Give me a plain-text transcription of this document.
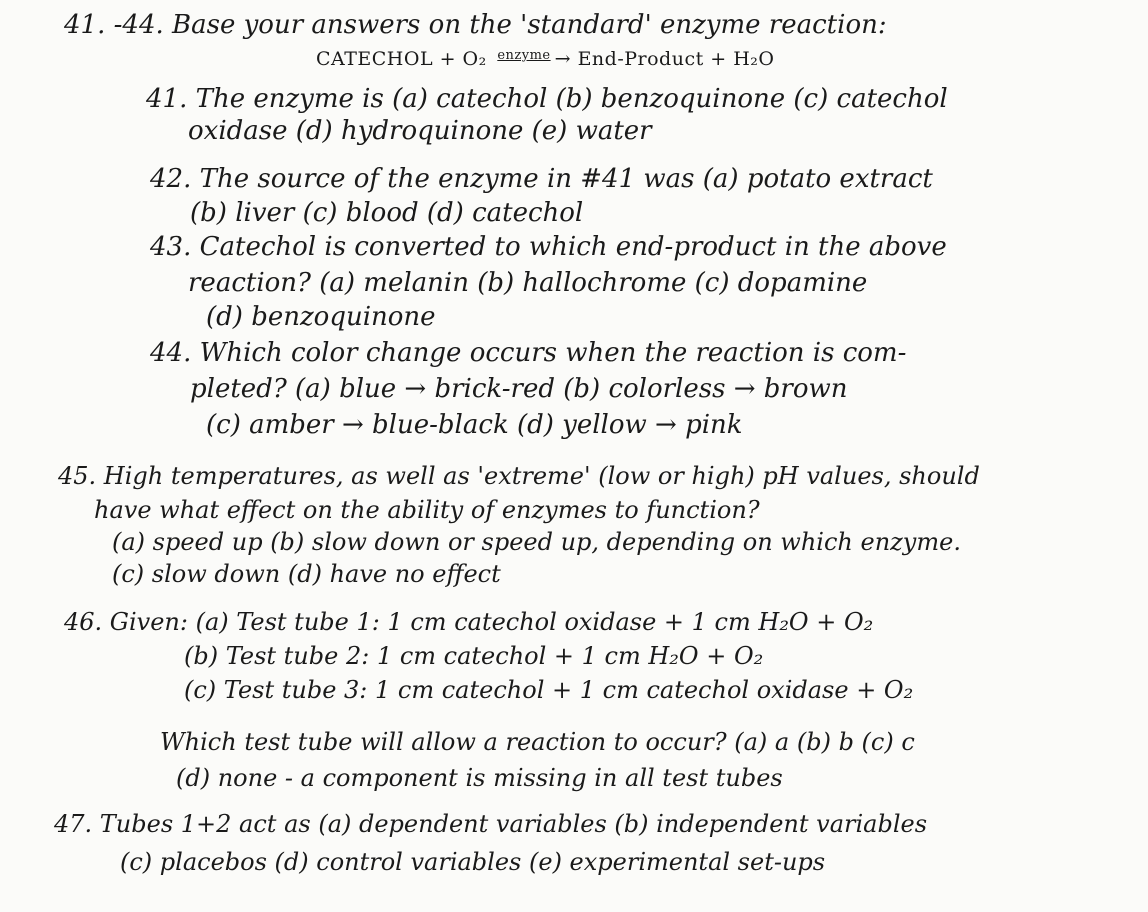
41. -44. Base your answers on the 'standard' enzyme reaction:
CATECHOL + O₂ enzyme → End-Product + H₂O
41. The enzyme is (a) catechol (b) benzoquinone (c) catechol
oxidase (d) hydroquinone (e) water
42. The source of the enzyme in #41 was (a) potato extract
(b) liver (c) blood (d) catechol
43. Catechol is converted to which end-product in the above
reaction? (a) melanin (b) hallochrome (c) dopamine
(d) benzoquinone
44. Which color change occurs when the reaction is com-
pleted? (a) blue → brick-red (b) colorless → brown
(c) amber → blue-black (d) yellow → pink
45. High temperatures, as well as 'extreme' (low or high) pH values, should
have what effect on the ability of enzymes to function?
(a) speed up (b) slow down or speed up, depending on which enzyme.
(c) slow down (d) have no effect
46. Given: (a) Test tube 1: 1 cm catechol oxidase + 1 cm H₂O + O₂
(b) Test tube 2: 1 cm catechol + 1 cm H₂O + O₂
(c) Test tube 3: 1 cm catechol + 1 cm catechol oxidase + O₂
Which test tube will allow a reaction to occur? (a) a (b) b (c) c
(d) none - a component is missing in all test tubes
47. Tubes 1+2 act as (a) dependent variables (b) independent variables
(c) placebos (d) control variables (e) experimental set-ups
